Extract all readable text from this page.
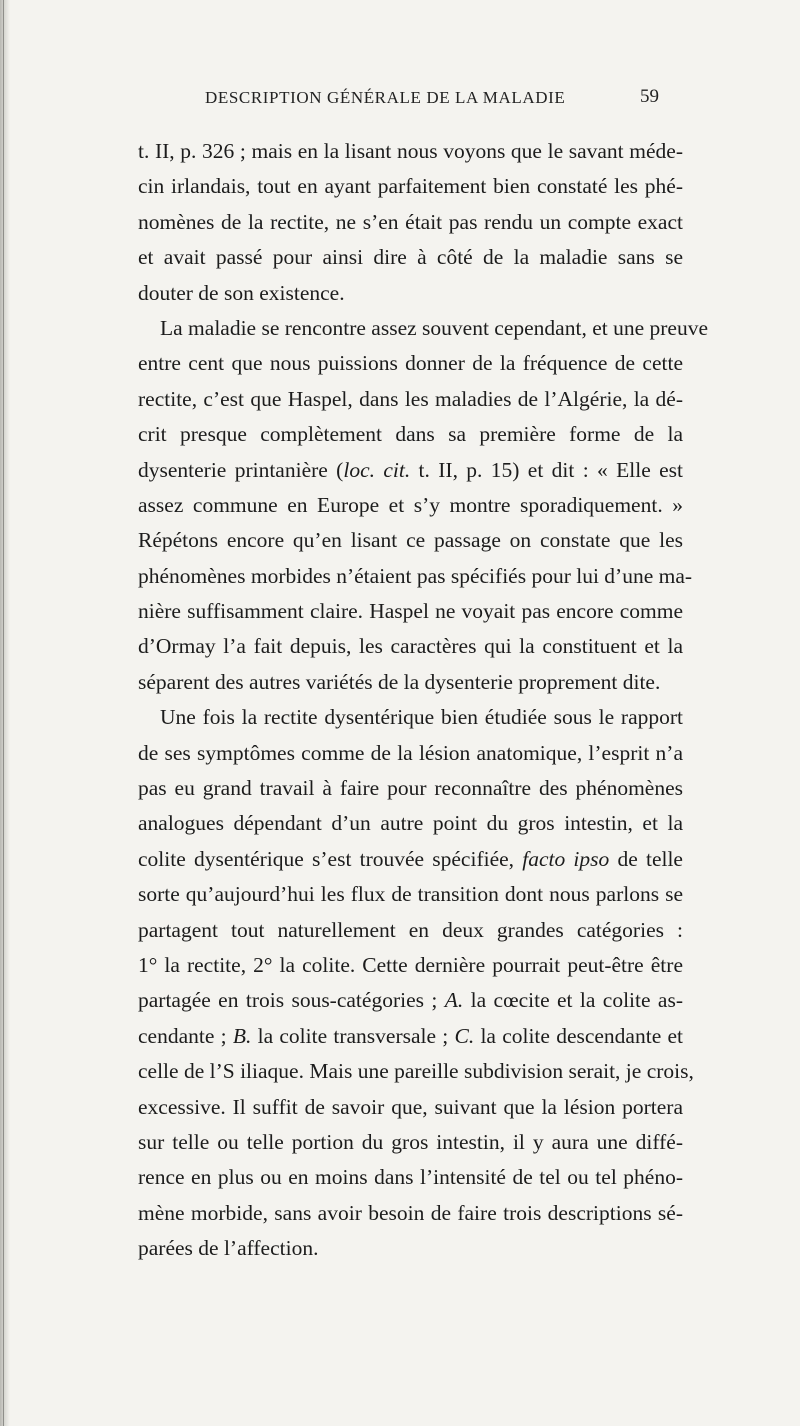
DESCRIPTION GÉNÉRALE DE LA MALADIE	59
t. II, p. 326 ; mais en la lisant nous voyons que le savant méde-
cin irlandais, tout en ayant parfaitement bien constaté les phé-
nomènes de la rectite, ne s’en était pas rendu un compte exact
et avait passé pour ainsi dire à côté de la maladie sans se
douter de son existence.
La maladie se rencontre assez souvent cependant, et une preuve
entre cent que nous puissions donner de la fréquence de cette
rectite, c’est que Haspel, dans les maladies de l’Algérie, la dé-
crit presque complètement dans sa première forme de la
dysenterie printanière (loc. cit. t. II, p. 15) et dit : « Elle est
assez commune en Europe et s’y montre sporadiquement. »
Répétons encore qu’en lisant ce passage on constate que les
phénomènes morbides n’étaient pas spécifiés pour lui d’une ma-
nière suffisamment claire. Haspel ne voyait pas encore comme
d’Ormay l’a fait depuis, les caractères qui la constituent et la
séparent des autres variétés de la dysenterie proprement dite.
Une fois la rectite dysentérique bien étudiée sous le rapport
de ses symptômes comme de la lésion anatomique, l’esprit n’a
pas eu grand travail à faire pour reconnaître des phénomènes
analogues dépendant d’un autre point du gros intestin, et la
colite dysentérique s’est trouvée spécifiée, facto ipso de telle
sorte qu’aujourd’hui les flux de transition dont nous parlons se
partagent tout naturellement en deux grandes catégories :
1° la rectite, 2° la colite. Cette dernière pourrait peut-être être
partagée en trois sous-catégories ; A. la cœcite et la colite as-
cendante ; B. la colite transversale ; C. la colite descendante et
celle de l’S iliaque. Mais une pareille subdivision serait, je crois,
excessive. Il suffit de savoir que, suivant que la lésion portera
sur telle ou telle portion du gros intestin, il y aura une diffé-
rence en plus ou en moins dans l’intensité de tel ou tel phéno-
mène morbide, sans avoir besoin de faire trois descriptions sé-
parées de l’affection.
